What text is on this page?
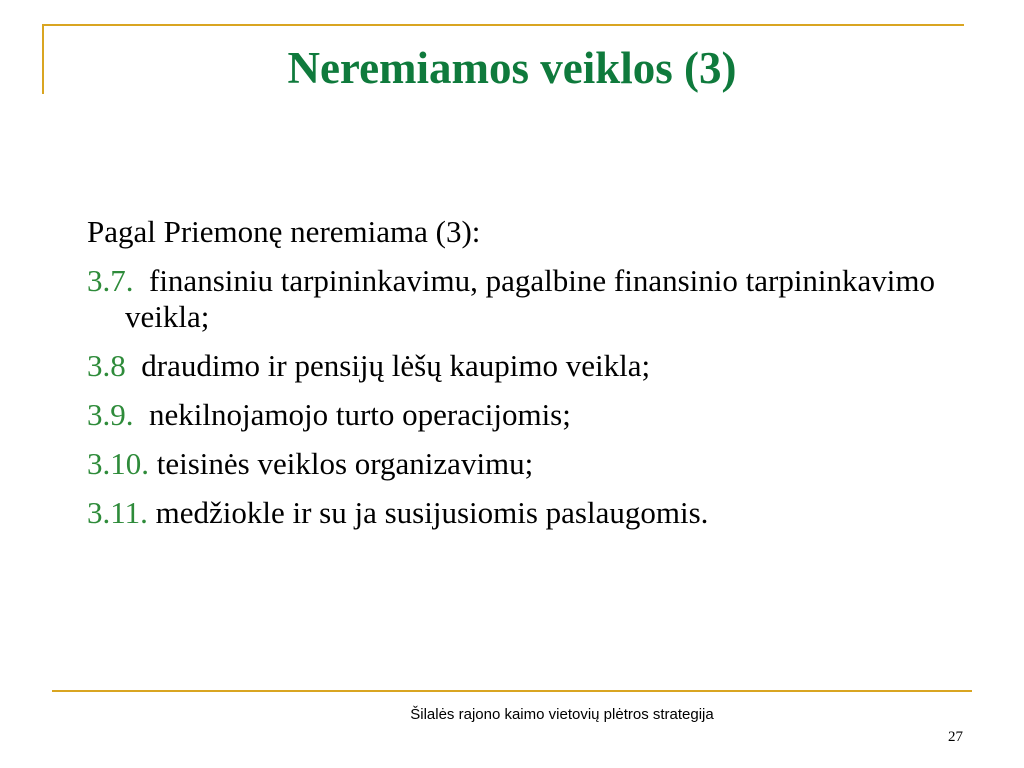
Neremiamos veiklos (3)

Pagal Priemonę neremiama (3):

3.7. finansiniu tarpininkavimu, pagalbine finansinio tarpininkavimo veikla;

3.8 draudimo ir pensijų lėšų kaupimo veikla;

3.9. nekilnojamojo turto operacijomis;

3.10. teisinės veiklos organizavimu;

3.11. medžiokle ir su ja susijusiomis paslaugomis.

Šilalės rajono kaimo vietovių plėtros strategija
27
